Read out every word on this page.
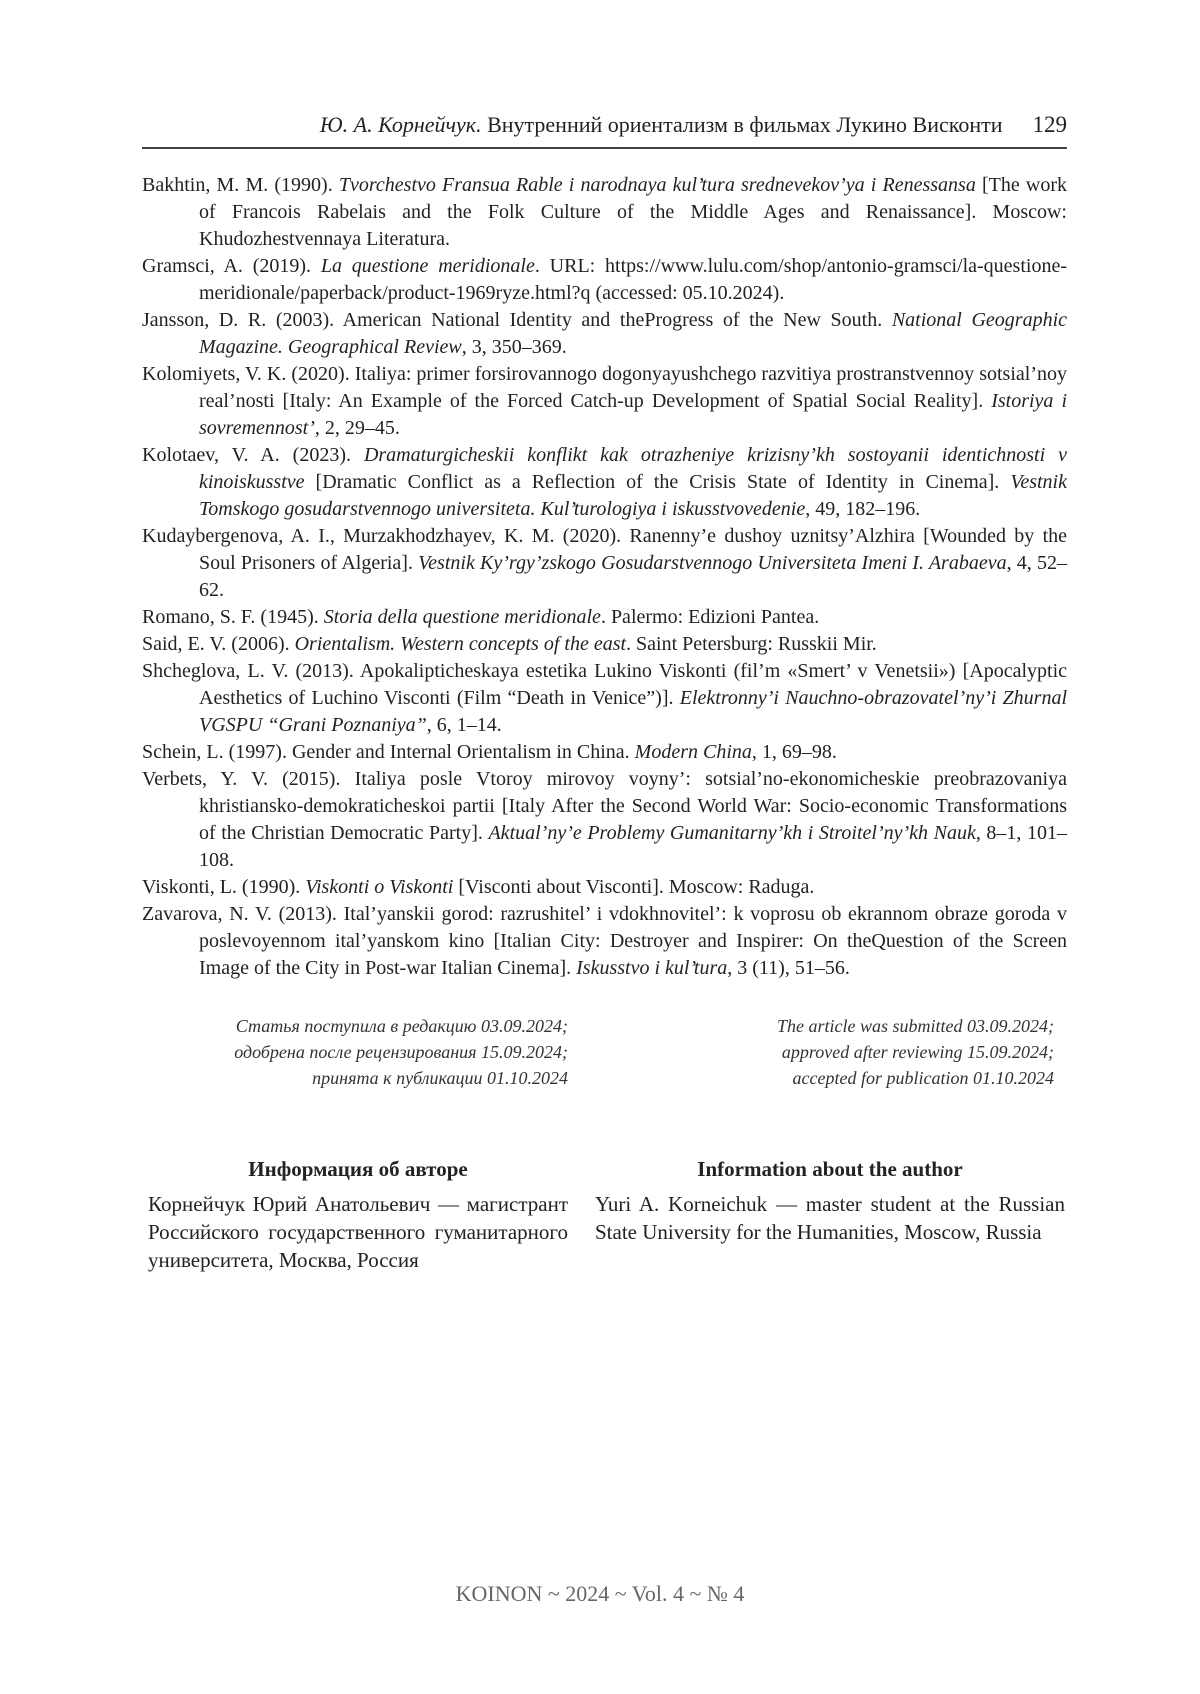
Ю. А. Корнейчук. Внутренний ориентализм в фильмах Лукино Висконти 129
Bakhtin, M. M. (1990). Tvorchestvo Fransua Rable i narodnaya kul’tura srednevekov’ya i Renessansa [The work of Francois Rabelais and the Folk Culture of the Middle Ages and Renaissance]. Moscow: Khudozhestvennaya Literatura.
Gramsci, A. (2019). La questione meridionale. URL: https://www.lulu.com/shop/antonio-gramsci/la-questione-meridionale/paperback/product-1969ryze.html?q (accessed: 05.10.2024).
Jansson, D. R. (2003). American National Identity and theProgress of the New South. National Geographic Magazine. Geographical Review, 3, 350–369.
Kolomiyets, V. K. (2020). Italiya: primer forsirovannogo dogonyayushchego razvitiya prostranstvennoy sotsial’noy real’nosti [Italy: An Example of the Forced Catch-up Development of Spatial Social Reality]. Istoriya i sovremennost’, 2, 29–45.
Kolotaev, V. A. (2023). Dramaturgicheskii konflikt kak otrazheniye krizisny’kh sostoyanii identichnosti v kinoiskusstve [Dramatic Conflict as a Reflection of the Crisis State of Identity in Cinema]. Vestnik Tomskogo gosudarstvennogo universiteta. Kul’turologiya i iskusstvovedenie, 49, 182–196.
Kudaybergenova, A. I., Murzakhodzhayev, K. M. (2020). Ranenny’e dushoy uznitsy’Alzhira [Wounded by the Soul Prisoners of Algeria]. Vestnik Ky’rgy’zskogo Gosudarstvennogo Universiteta Imeni I. Arabaeva, 4, 52–62.
Romano, S. F. (1945). Storia della questione meridionale. Palermo: Edizioni Pantea.
Said, E. V. (2006). Orientalism. Western concepts of the east. Saint Petersburg: Russkii Mir.
Shcheglova, L. V. (2013). Apokalipticheskaya estetika Lukino Viskonti (fil’m «Smert’ v Venetsii») [Apocalyptic Aesthetics of Luchino Visconti (Film “Death in Venice”)]. Elektronny’i Nauchno-obrazovatel’ny’i Zhurnal VGSPU “Grani Poznaniya”, 6, 1–14.
Schein, L. (1997). Gender and Internal Orientalism in China. Modern China, 1, 69–98.
Verbets, Y. V. (2015). Italiya posle Vtoroy mirovoy voyny’: sotsial’no-ekonomicheskie preobrazovaniya khristiansko-demokraticheskoi partii [Italy After the Second World War: Socio-economic Transformations of the Christian Democratic Party]. Aktual’ny’e Problemy Gumanitarny’kh i Stroitel’ny’kh Nauk, 8–1, 101–108.
Viskonti, L. (1990). Viskonti o Viskonti [Visconti about Visconti]. Moscow: Raduga.
Zavarova, N. V. (2013). Ital’yanskii gorod: razrushitel’ i vdokhnovitel’: k voprosu ob ekrannom obraze goroda v poslevoyennom ital’yanskom kino [Italian City: Destroyer and Inspirer: On theQuestion of the Screen Image of the City in Post-war Italian Cinema]. Iskusstvo i kul’tura, 3 (11), 51–56.
Статья поступила в редакцию 03.09.2024;
одобрена после рецензирования 15.09.2024;
принята к публикации 01.10.2024
The article was submitted 03.09.2024;
approved after reviewing 15.09.2024;
accepted for publication 01.10.2024
Информация об авторе

Корнейчук Юрий Анатольевич — магистрант Российского государственного гуманитарного университета, Москва, Россия

Information about the author

Yuri A. Korneichuk — master student at the Russian State University for the Humanities, Moscow, Russia

KOINON ~ 2024 ~ Vol. 4 ~ № 4
